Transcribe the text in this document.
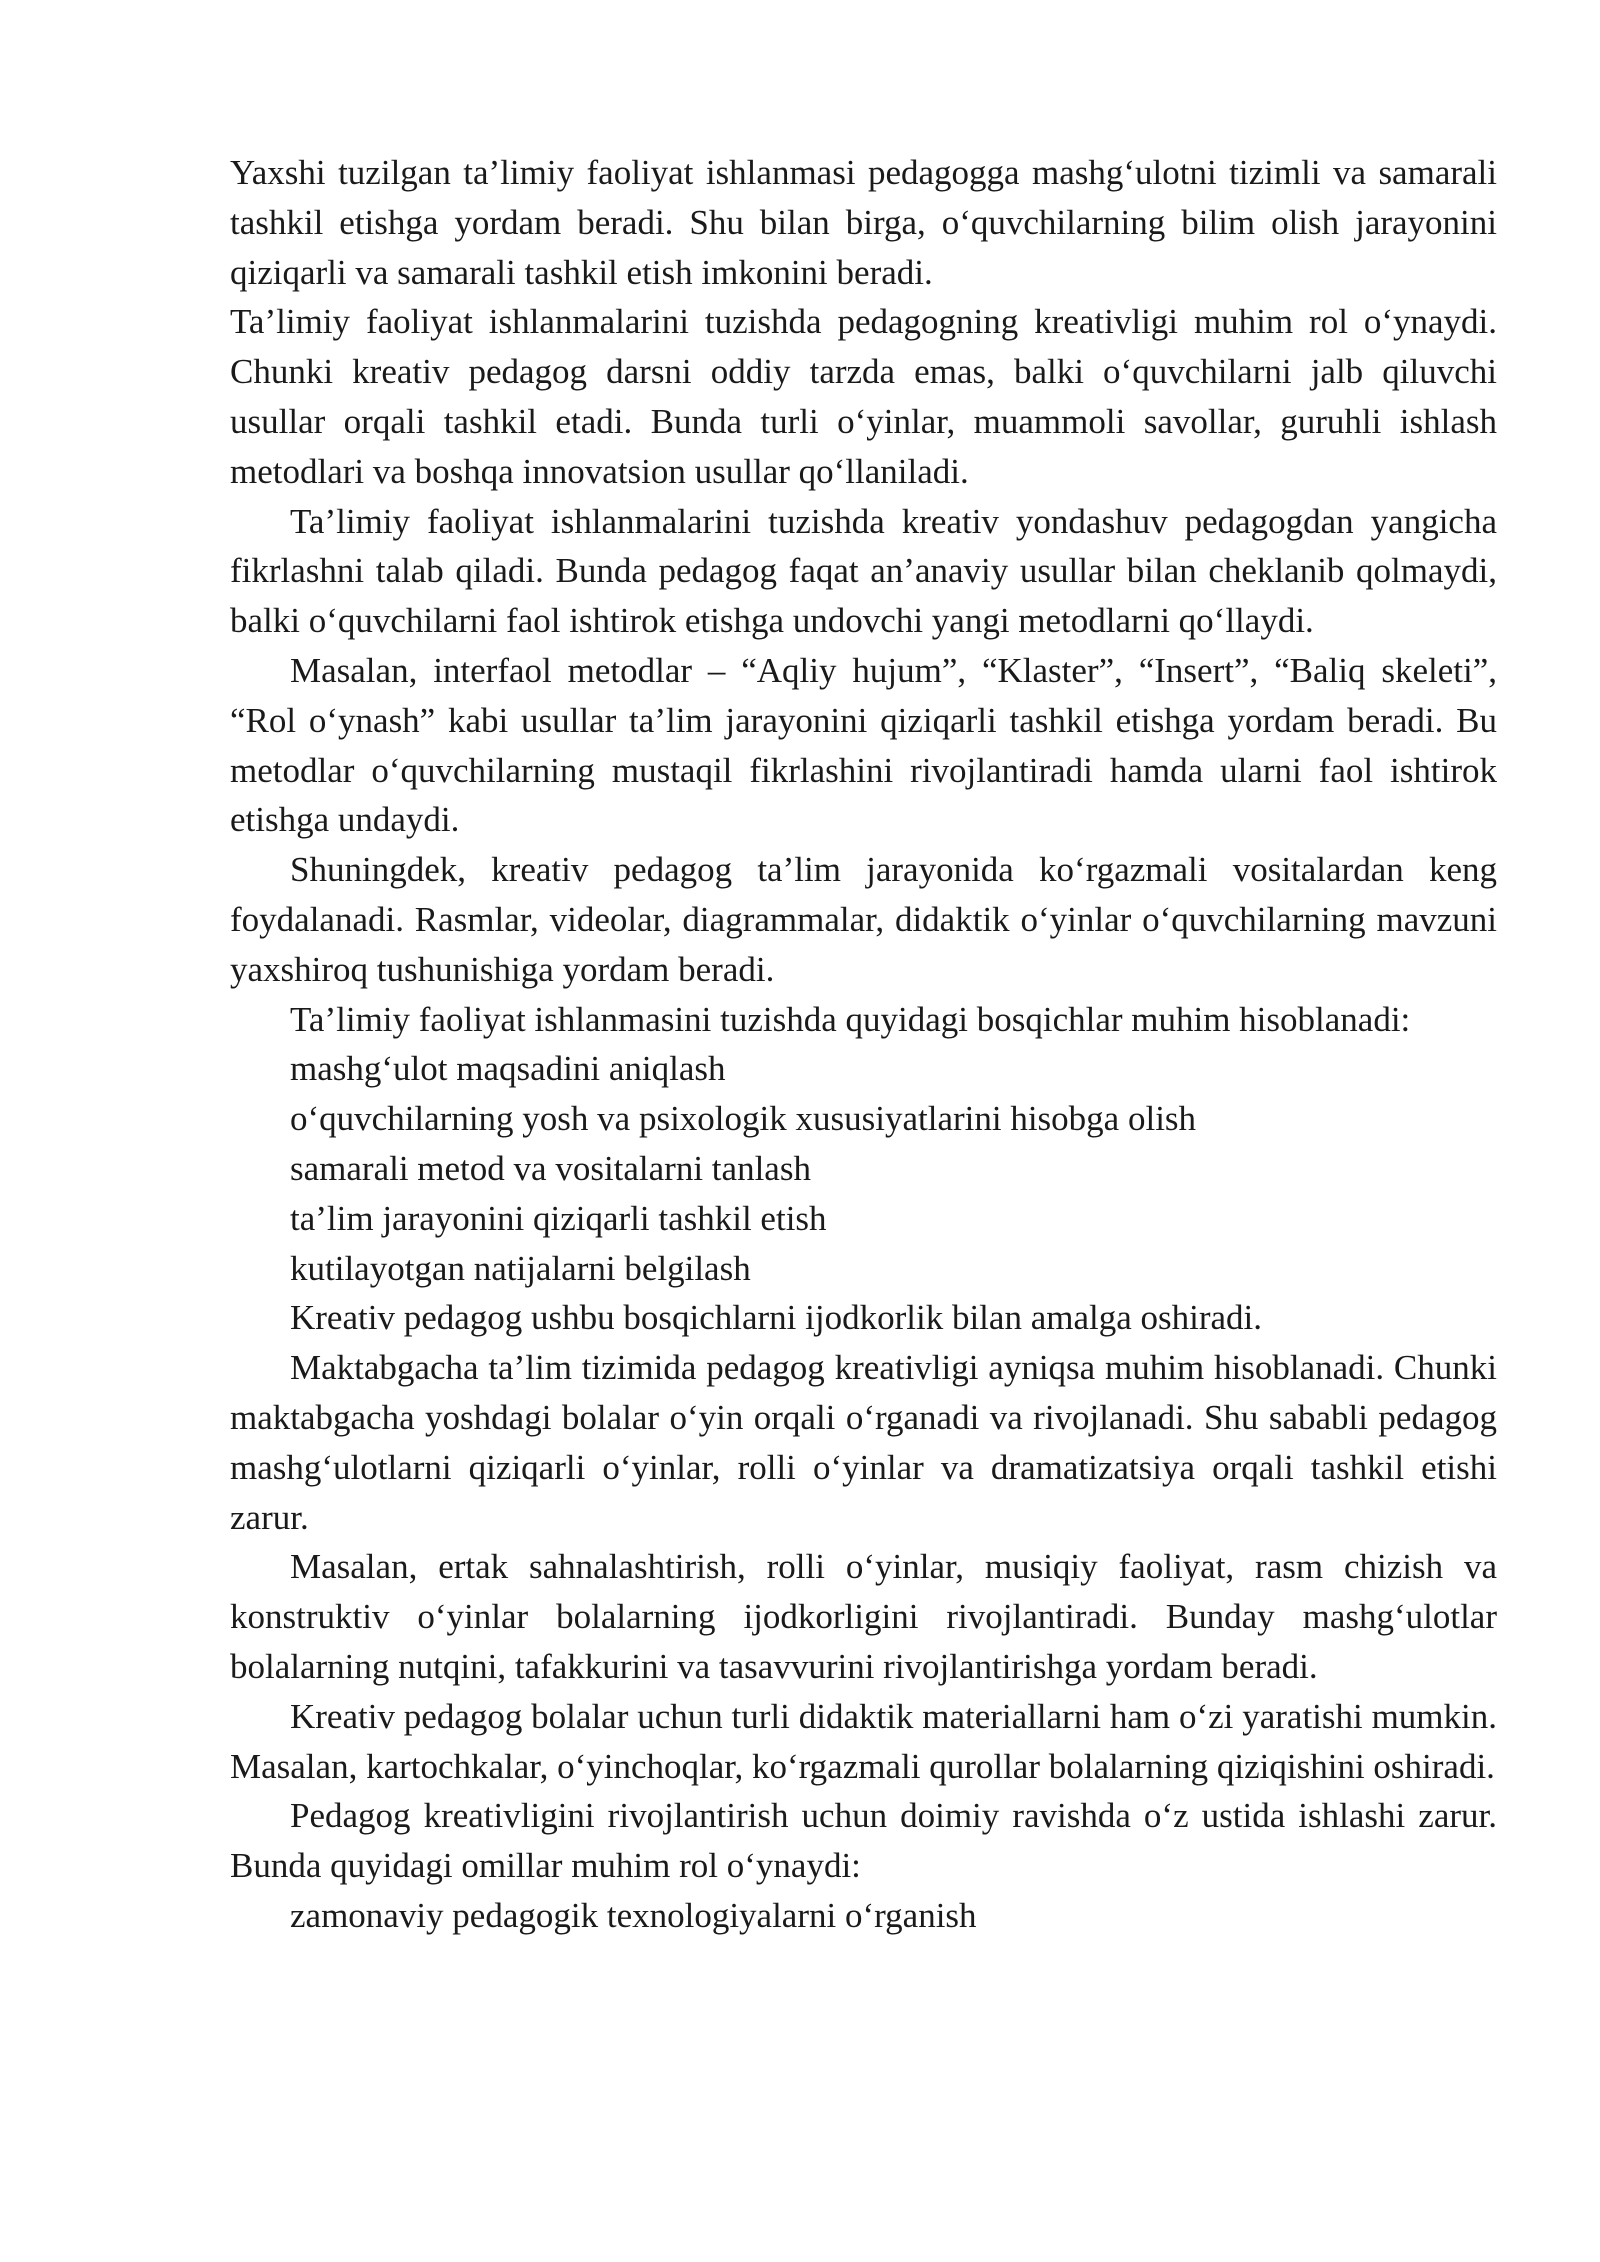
Yaxshi tuzilgan ta’limiy faoliyat ishlanmasi pedagogga mashg‘ulotni tizimli va samarali tashkil etishga yordam beradi. Shu bilan birga, o‘quvchilarning bilim olish jarayonini qiziqarli va samarali tashkil etish imkonini beradi.

Ta’limiy faoliyat ishlanmalarini tuzishda pedagogning kreativligi muhim rol o‘ynaydi. Chunki kreativ pedagog darsni oddiy tarzda emas, balki o‘quvchilarni jalb qiluvchi usullar orqali tashkil etadi. Bunda turli o‘yinlar, muammoli savollar, guruhli ishlash metodlari va boshqa innovatsion usullar qo‘llaniladi.

Ta’limiy faoliyat ishlanmalarini tuzishda kreativ yondashuv pedagogdan yangicha fikrlashni talab qiladi. Bunda pedagog faqat an’anaviy usullar bilan cheklanib qolmaydi, balki o‘quvchilarni faol ishtirok etishga undovchi yangi metodlarni qo‘llaydi.

Masalan, interfaol metodlar – “Aqliy hujum”, “Klaster”, “Insert”, “Baliq skeleti”, “Rol o‘ynash” kabi usullar ta’lim jarayonini qiziqarli tashkil etishga yordam beradi. Bu metodlar o‘quvchilarning mustaqil fikrlashini rivojlantiradi hamda ularni faol ishtirok etishga undaydi.

Shuningdek, kreativ pedagog ta’lim jarayonida ko‘rgazmali vositalardan keng foydalanadi. Rasmlar, videolar, diagrammalar, didaktik o‘yinlar o‘quvchilarning mavzuni yaxshiroq tushunishiga yordam beradi.

Ta’limiy faoliyat ishlanmasini tuzishda quyidagi bosqichlar muhim hisoblanadi:

mashg‘ulot maqsadini aniqlash

o‘quvchilarning yosh va psixologik xususiyatlarini hisobga olish

samarali metod va vositalarni tanlash

ta’lim jarayonini qiziqarli tashkil etish

kutilayotgan natijalarni belgilash

Kreativ pedagog ushbu bosqichlarni ijodkorlik bilan amalga oshiradi.

Maktabgacha ta’lim tizimida pedagog kreativligi ayniqsa muhim hisoblanadi. Chunki maktabgacha yoshdagi bolalar o‘yin orqali o‘rganadi va rivojlanadi. Shu sababli pedagog mashg‘ulotlarni qiziqarli o‘yinlar, rolli o‘yinlar va dramatizatsiya orqali tashkil etishi zarur.

Masalan, ertak sahnalashtirish, rolli o‘yinlar, musiqiy faoliyat, rasm chizish va konstruktiv o‘yinlar bolalarning ijodkorligini rivojlantiradi. Bunday mashg‘ulotlar bolalarning nutqini, tafakkurini va tasavvurini rivojlantirishga yordam beradi.

Kreativ pedagog bolalar uchun turli didaktik materiallarni ham o‘zi yaratishi mumkin. Masalan, kartochkalar, o‘yinchoqlar, ko‘rgazmali qurollar bolalarning qiziqishini oshiradi.

Pedagog kreativligini rivojlantirish uchun doimiy ravishda o‘z ustida ishlashi zarur. Bunda quyidagi omillar muhim rol o‘ynaydi:

zamonaviy pedagogik texnologiyalarni o‘rganish
